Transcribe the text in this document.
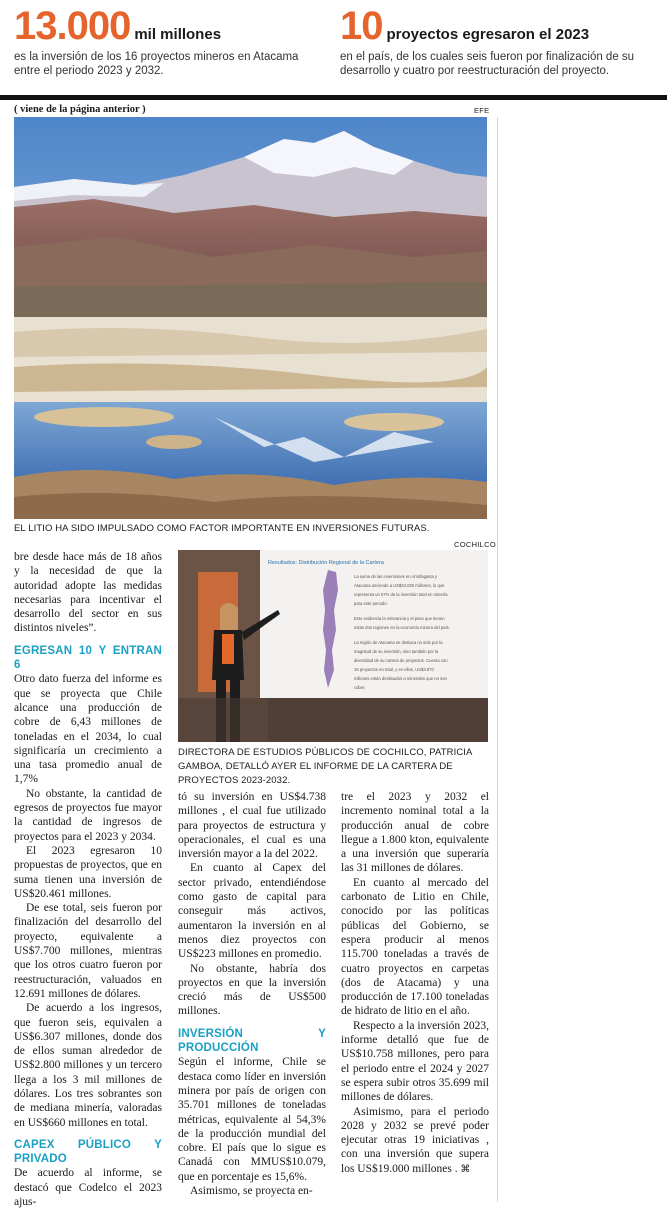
13.000 mil millones
es la inversión de los 16 proyectos mineros en Atacama entre el periodo 2023 y 2032.
10 proyectos egresaron el 2023
en el país, de los cuales seis fueron por finalización de su desarrollo y cuatro por reestructuración del proyecto.
( viene de la página anterior )	EFE
EL LITIO HA SIDO IMPULSADO COMO FACTOR IMPORTANTE EN INVERSIONES FUTURAS.
COCHILCO
Resultados: Distribución Regional de la Cartera
La suma de las inversiones en Antofagasta y
Atacama asciende a US$34.030 millones, lo que
representa un 57% de la inversión total en minería
para este periodo.
Esto evidencia la relevancia y el peso que tienen
estas dos regiones en la economía minera del país.
La región de Atacama se destaca no solo por la
magnitud de su inversión, sino también por la
diversidad de su cartera de proyectos. Cuenta con
16 proyectos en total, y en ellos, US$3.870
millones están destinados a minerales que no son
cobre.
DIRECTORA DE ESTUDIOS PÚBLICOS DE COCHILCO, PATRICIA GAMBOA, DETALLÓ AYER EL INFORME DE LA CARTERA DE PROYECTOS 2023-2032.

bre desde hace más de 18 años y la necesidad de que la autoridad adopte las medidas necesarias para incentivar el desarrollo del sector en sus distintos niveles”.

EGRESAN 10 Y ENTRAN 6

Otro dato fuerza del informe es que se proyecta que Chile alcance una producción de cobre de 6,43 millones de toneladas en el 2034, lo cual significaría un crecimiento a una tasa promedio anual de 1,7%

No obstante, la cantidad de egresos de proyectos fue mayor la cantidad de ingresos de proyectos para el 2023 y 2034.

El 2023 egresaron 10 propuestas de proyectos, que en suma tienen una inversión de US$20.461 millones.

De ese total, seis fueron por finalización del desarrollo del proyecto, equivalente a US$7.700 millones, mientras que los otros cuatro fueron por reestructuración, valuados en 12.691 millones de dólares.

De acuerdo a los ingresos, que fueron seis, equivalen a US$6.307 millones, donde dos de ellos suman alrededor de US$2.800 millones y un tercero llega a los 3 mil millones de dólares. Los tres sobrantes son de mediana minería, valoradas en US$660 millones en total.

CAPEX PÚBLICO Y PRIVADO

De acuerdo al informe, se destacó que Codelco el 2023 ajus-

tó su inversión en US$4.738 millones , el cual fue utilizado para proyectos de estructura y operacionales, el cual es una inversión mayor a la del 2022.

En cuanto al Capex del sector privado, entendiéndose como gasto de capital para conseguir más activos, aumentaron la inversión en al menos diez proyectos con US$223 millones en promedio.

No obstante, habría dos proyectos en que la inversión creció más de US$500 millones.

INVERSIÓN Y PRODUCCIÓN

Según el informe, Chile se destaca como líder en inversión minera por país de origen con 35.701 millones de toneladas métricas, equivalente al 54,3% de la producción mundial del cobre. El país que lo sigue es Canadá con MMUS$10.079, que en porcentaje es 15,6%.

Asimismo, se proyecta en-

tre el 2023 y 2032 el incremento nominal total a la producción anual de cobre llegue a 1.800 kton, equivalente a una inversión que superaría las 31 millones de dólares.

En cuanto al mercado del carbonato de Litio en Chile, conocido por las políticas públicas del Gobierno, se espera producir al menos 115.700 toneladas a través de cuatro proyectos en carpetas (dos de Atacama) y una producción de 17.100 toneladas de hidrato de litio en el año.

Respecto a la inversión 2023, informe detalló que fue de US$10.758 millones, pero para el periodo entre el 2024 y 2027 se espera subir otros 35.699 mil millones de dólares.

Asimismo, para el periodo 2028 y 2032 se prevé poder ejecutar otras 19 iniciativas , con una inversión que supera los US$19.000 millones . ⌘
